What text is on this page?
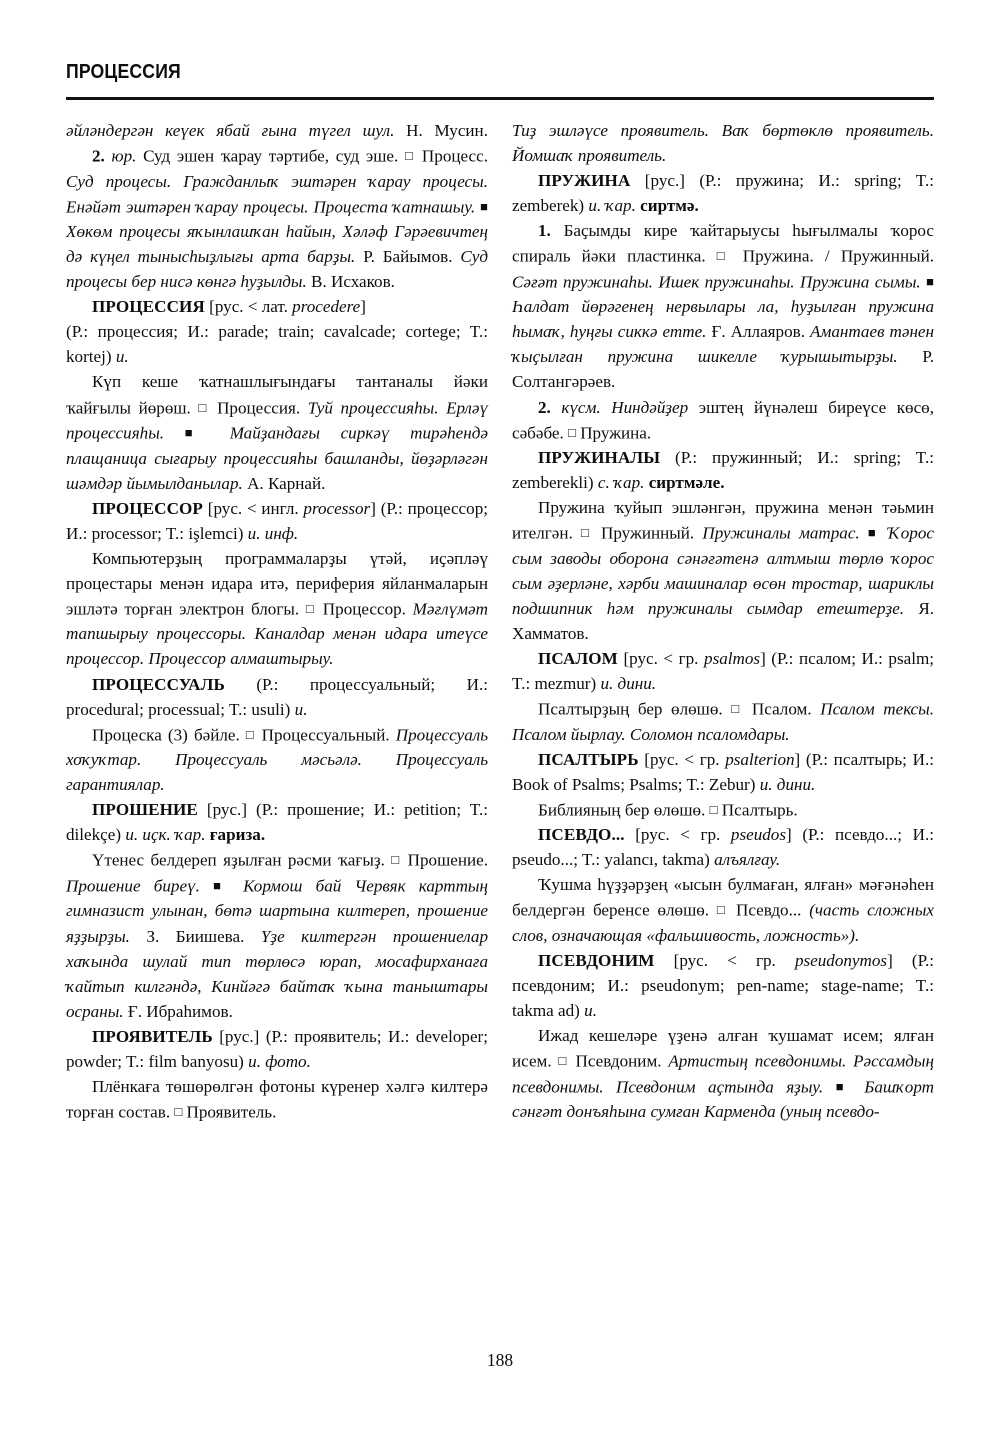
ПРОЦЕССИЯ

әйләндергән кеүек ябай ғына түгел шул. Н. Мусин.

2. юр. Суд эшен ҡарау тәртибе, суд эше. □ Процесс. Суд процесы. Гражданлыҡ эштәрен ҡарау процесы. Енәйәт эштәрен ҡарау процесы. Процеста ҡатнашыу. ■ Хөкөм процесы яҡынлашҡан һайын, Хәләф Гәрәевичтең дә күңел тынысһыҙлығы арта барҙы. Р. Байымов. Суд процесы бер нисә көнгә һуҙылды. В. Исхаков.

ПРОЦЕССИЯ [рус. < лат. procedere]
(Р.: процессия; И.: parade; train; cavalcade; cortege; T.: kortej) и.

Күп кеше ҡатнашлығындағы тантаналы йәки ҡайғылы йөрөш. □ Процессия. Туй процессияһы. Ерләү процессияһы. ■	Майҙандағы сиркәү тирәһендә плащаница сығарыу процессияһы башланды, йөҙәрләгән шәмдәр йымылданылар. А. Карнай.

ПРОЦЕССОР [рус. < ингл. processor] (Р.: процессор; И.: processor; T.: işlemci) и. инф.

Компьютерҙың программаларҙы үтәй, иҫәпләү процестары менән идара итә, периферия яйланмаларын эшләтә торған электрон блогы. □ Процессор. Мәғлүмәт тапшырыу процессоры. Каналдар менән идара итеүсе процессор. Процессор алмаштырыу.

ПРОЦЕССУАЛЬ (Р.: процессуальный; И.: procedural; processual; T.: usuli) и.

Процеска (3) бәйле. □ Процессуальный. Процессуаль хоҡуҡтар. Процессуаль мәсьәлә. Процессуаль гарантиялар.

ПРОШЕНИЕ [рус.] (Р.: прошение; И.: petition; T.: dilekçe) и. иҫк. ҡар. ғариза.

Үтенес белдереп яҙылған рәсми ҡағыҙ. □ Прошение. Прошение биреү. ■	Кормош бай Червяк карттың гимназист улынан, бөтә шартына килтереп, прошение яҙҙырҙы. З. Биишева. Үҙе килтергән прошениелар хаҡында шулай тип төрлөсә юрап, мосафирханаға ҡайтып килгәндә, Кинйәгә байтаҡ ҡына таныштары осраны. Ғ. Ибраһимов.

ПРОЯВИТЕЛЬ [рус.] (Р.: проявитель; И.: developer; powder; T.: film banyosu) и. фото.

Плёнкаға төшөрөлгән фотоны күренер хәлгә килтерә торған состав. □ Проявитель.

Тиҙ эшләүсе проявитель. Ваҡ бөртөклө проявитель. Йомшаҡ проявитель.

ПРУЖИНА [рус.] (Р.: пружина; И.: spring; T.: zemberek) и. ҡар. сиртмә.

1. Баҫымды кире ҡайтарыусы һығылмалы ҡорос спираль йәки пластинка. □ Пружина. / Пружинный. Сәғәт пружинаһы. Ишек пружинаһы. Пружина сымы. ■ Һалдат йөрәгенең нервылары ла, һуҙылған пружина һымаҡ, һуңғы сиккә етте. Ғ. Аллаяров. Амантаев тәнен ҡыҫылған пружина шикелле ҡурышытырҙы. Р. Солтангәрәев.

2. күсм. Ниндәйҙер эштең йүнәлеш биреүсе көсө, сәбәбе. □ Пружина.

ПРУЖИНАЛЫ (Р.: пружинный; И.: spring; T.: zemberekli) с. ҡар. сиртмәле.

Пружина ҡуйып эшләнгән, пружина менән тәьмин ителгән. □ Пружинный. Пружиналы матрас. ■ Ҡорос сым заводы оборона сәнәғәтенә алтмыш төрлө ҡорос сым әҙерләне, хәрби машиналар өсөн тростар, шариклы подшипник һәм пружиналы сымдар етештерҙе. Я. Хамматов.

ПСАЛОМ [рус. < гр. psalmos] (Р.: псалом; И.: psalm; T.: mezmur) и. дини.

Псалтырҙың бер өлөшө. □ Псалом. Псалом тексы. Псалом йырлау. Соломон псаломдары.

ПСАЛТЫРЬ [рус. < гр. psalterion] (Р.: псалтырь; И.: Book of Psalms; Psalms; T.: Zebur) и. дини.

Библияның бер өлөшө. □ Псалтырь.

ПСЕВДО... [рус. < гр. pseudos] (Р.: псевдо...; И.: pseudo...; T.: yalancı, takma) алъялғау.

Ҡушма һүҙҙәрҙең «ысын булмаған, ялған» мәғәнәһен белдергән беренсе өлөшө. □ Псевдо... (часть сложных слов, означающая «фальшивость, ложность»).

ПСЕВДОНИМ [рус. < гр. pseudonymos] (Р.: псевдоним; И.: pseudonym; pen-name; stage-name; T.: takma ad) и.

Ижад кешеләре үҙенә алған ҡушамат исем; ялған исем. □ Псевдоним. Артистың псевдонимы. Рәссамдың псевдонимы. Псевдоним аҫтында яҙыу. ■ Башҡорт сәнғәт донъяһына сумған Карменда (уның псевдо-

188
